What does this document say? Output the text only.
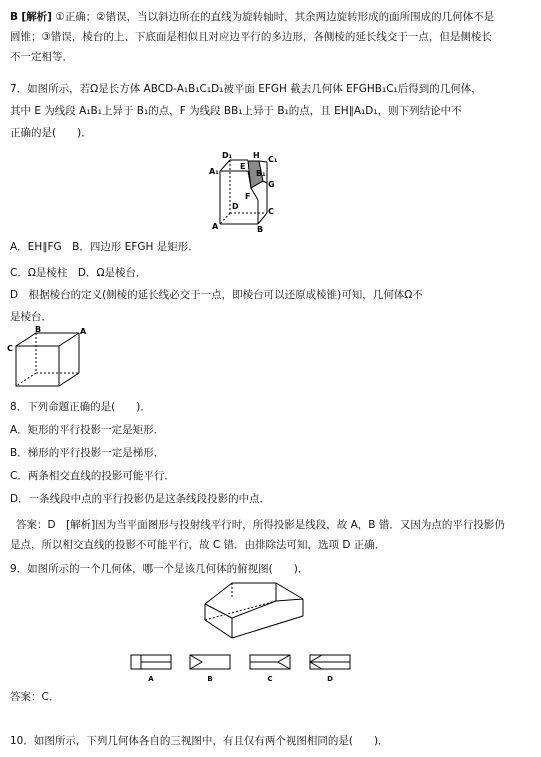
B [解析] ①正确；②错误，当以斜边所在的直线为旋转轴时，其余两边旋转形成的面所围成的几何体不是
圆锥；③错误，棱台的上、下底面是相似且对应边平行的多边形，各侧棱的延长线交于一点，但是侧棱长
不一定相等．
7．如图所示，若Ω是长方体 ABCD-A₁B₁C₁D₁被平面 EFGH 截去几何体 EFGHB₁C₁后得到的几何体，
其中 E 为线段 A₁B₁上异于 B₁的点，F 为线段 BB₁上异于 B₁的点，且 EH∥A₁D₁，则下列结论中不
正确的是(　　)．
D₁	H C₁
A₁
E
B₁
G
D
F
C
A	B
A．EH∥FG　B．四边形 EFGH 是矩形．
C．Ω是棱柱　D．Ω是棱台．
D　根据棱台的定义(侧棱的延长线必交于一点，即棱台可以还原成棱锥)可知，几何体Ω不
是棱台．
B	A
C
8．下列命题正确的是(　　)．
A．矩形的平行投影一定是矩形．
B．梯形的平行投影一定是梯形．
C．两条相交直线的投影可能平行．
D．一条线段中点的平行投影仍是这条线段投影的中点．
答案：D　[解析]因为当平面图形与投射线平行时，所得投影是线段，故 A，B 错．又因为点的平行投影仍
是点，所以相交直线的投影不可能平行，故 C 错．由排除法可知，选项 D 正确．
9．如图所示的一个几何体，哪一个是该几何体的俯视图(　　)．
A	B	C	D
答案：C．
10．如图所示，下列几何体各自的三视图中，有且仅有两个视图相同的是(　　)．
